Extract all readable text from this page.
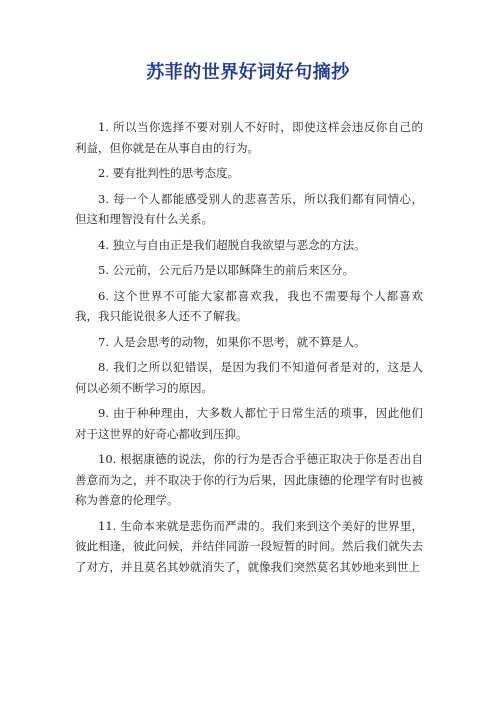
苏菲的世界好词好句摘抄

1. 所以当你选择不要对别人不好时，即使这样会违反你自己的利益，但你就是在从事自由的行为。

2. 要有批判性的思考态度。

3. 每一个人都能感受别人的悲喜苦乐，所以我们都有同情心，但这和理智没有什么关系。

4. 独立与自由正是我们超脱自我欲望与恶念的方法。

5. 公元前，公元后乃是以耶稣降生的前后来区分。

6. 这个世界不可能大家都喜欢我，我也不需要每个人都喜欢我，我只能说很多人还不了解我。

7. 人是会思考的动物，如果你不思考，就不算是人。

8. 我们之所以犯错误，是因为我们不知道何者是对的，这是人何以必须不断学习的原因。

9. 由于种种理由，大多数人都忙于日常生活的琐事，因此他们对于这世界的好奇心都收到压抑。

10. 根据康德的说法，你的行为是否合乎德正取决于你是否出自善意而为之，并不取决于你的行为后果，因此康德的伦理学有时也被称为善意的伦理学。

11. 生命本来就是悲伤而严肃的。我们来到这个美好的世界里，彼此相逢，彼此问候，并结伴同游一段短暂的时间。然后我们就失去了对方，并且莫名其妙就消失了，就像我们突然莫名其妙地来到世上
